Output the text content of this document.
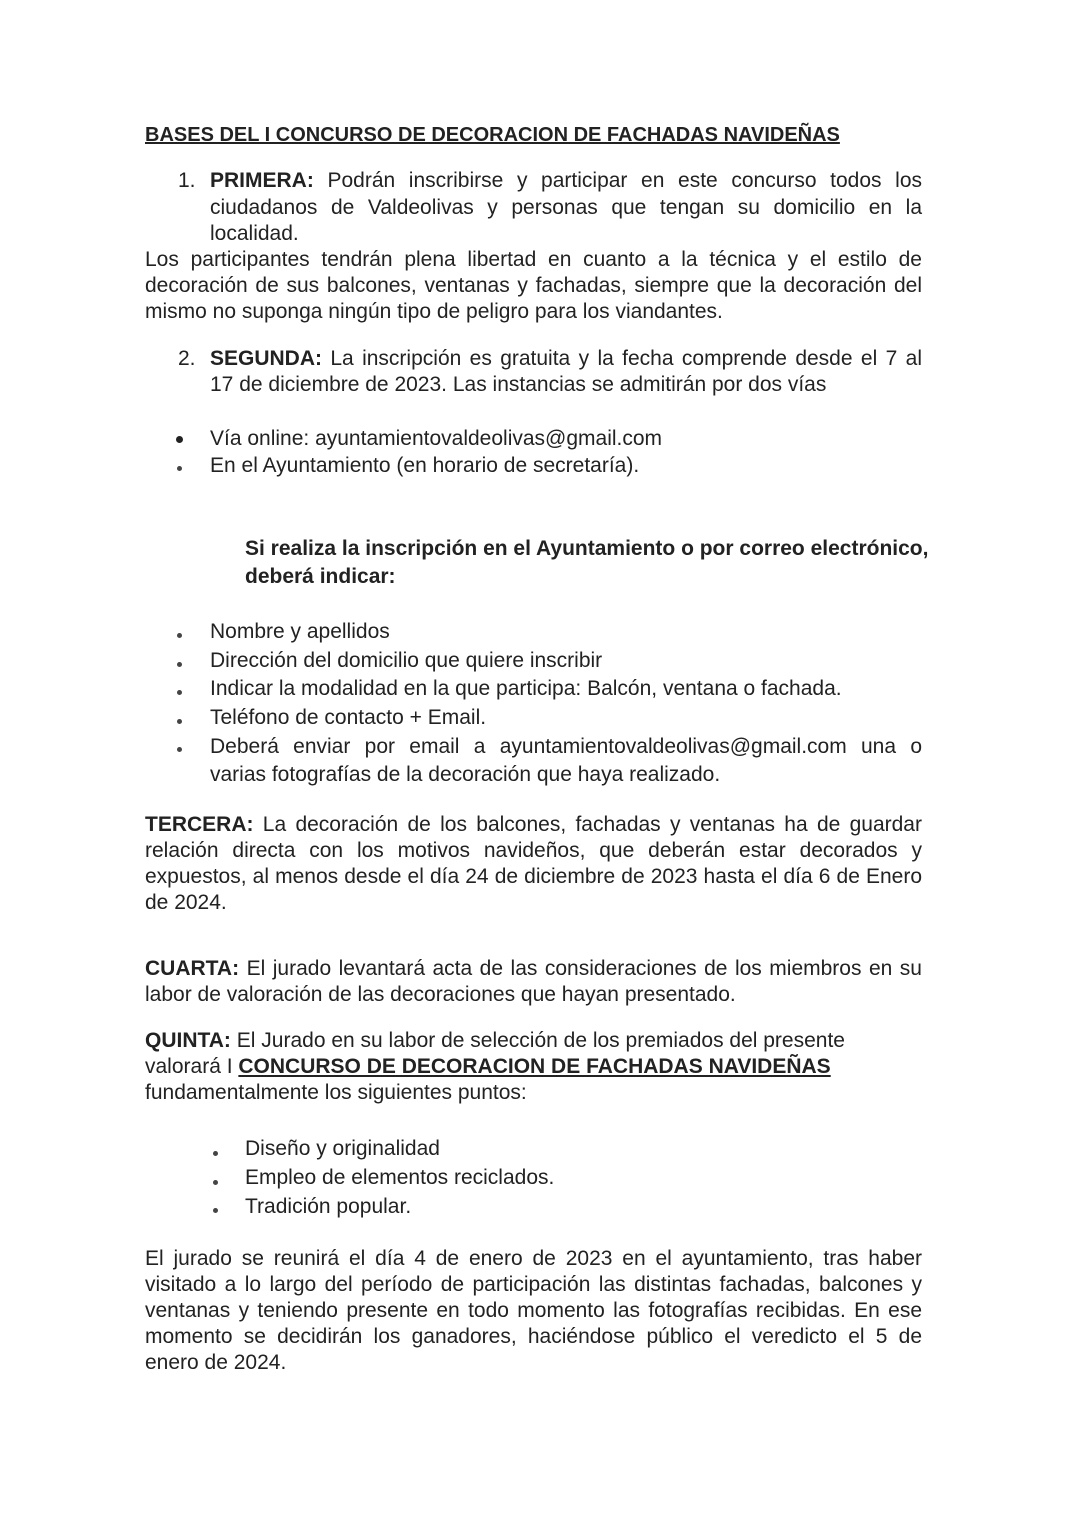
BASES DEL I CONCURSO DE DECORACION DE FACHADAS NAVIDEÑAS
1. PRIMERA: Podrán inscribirse y participar en este concurso todos los
ciudadanos de Valdeolivas y personas que tengan su domicilio en la
localidad.
Los participantes tendrán plena libertad en cuanto a la técnica y el estilo de
decoración de sus balcones, ventanas y fachadas, siempre que la decoración del
mismo no suponga ningún tipo de peligro para los viandantes.
2. SEGUNDA: La inscripción es gratuita y la fecha comprende desde el 7 al
17 de diciembre de 2023. Las instancias se admitirán por dos vías
Vía online: ayuntamientovaldeolivas@gmail.com
En el Ayuntamiento (en horario de secretaría).
Si realiza la inscripción en el Ayuntamiento o por correo electrónico,
deberá indicar:
Nombre y apellidos
Dirección del domicilio que quiere inscribir
Indicar la modalidad en la que participa: Balcón, ventana o fachada.
Teléfono de contacto + Email.
Deberá enviar por email a ayuntamientovaldeolivas@gmail.com una o
varias fotografías de la decoración que haya realizado.
TERCERA: La decoración de los balcones, fachadas y ventanas ha de guardar
relación directa con los motivos navideños, que deberán estar decorados y
expuestos, al menos desde el día 24 de diciembre de 2023 hasta el día 6 de Enero
de 2024.
CUARTA: El jurado levantará acta de las consideraciones de los miembros en su
labor de valoración de las decoraciones que hayan presentado.
QUINTA: El Jurado en su labor de selección de los premiados del presente
valorará I CONCURSO DE DECORACION DE FACHADAS NAVIDEÑAS
fundamentalmente los siguientes puntos:
Diseño y originalidad
Empleo de elementos reciclados.
Tradición popular.
El jurado se reunirá el día 4 de enero de 2023 en el ayuntamiento, tras haber
visitado a lo largo del período de participación las distintas fachadas, balcones y
ventanas y teniendo presente en todo momento las fotografías recibidas. En ese
momento se decidirán los ganadores, haciéndose público el veredicto el 5 de
enero de 2024.
